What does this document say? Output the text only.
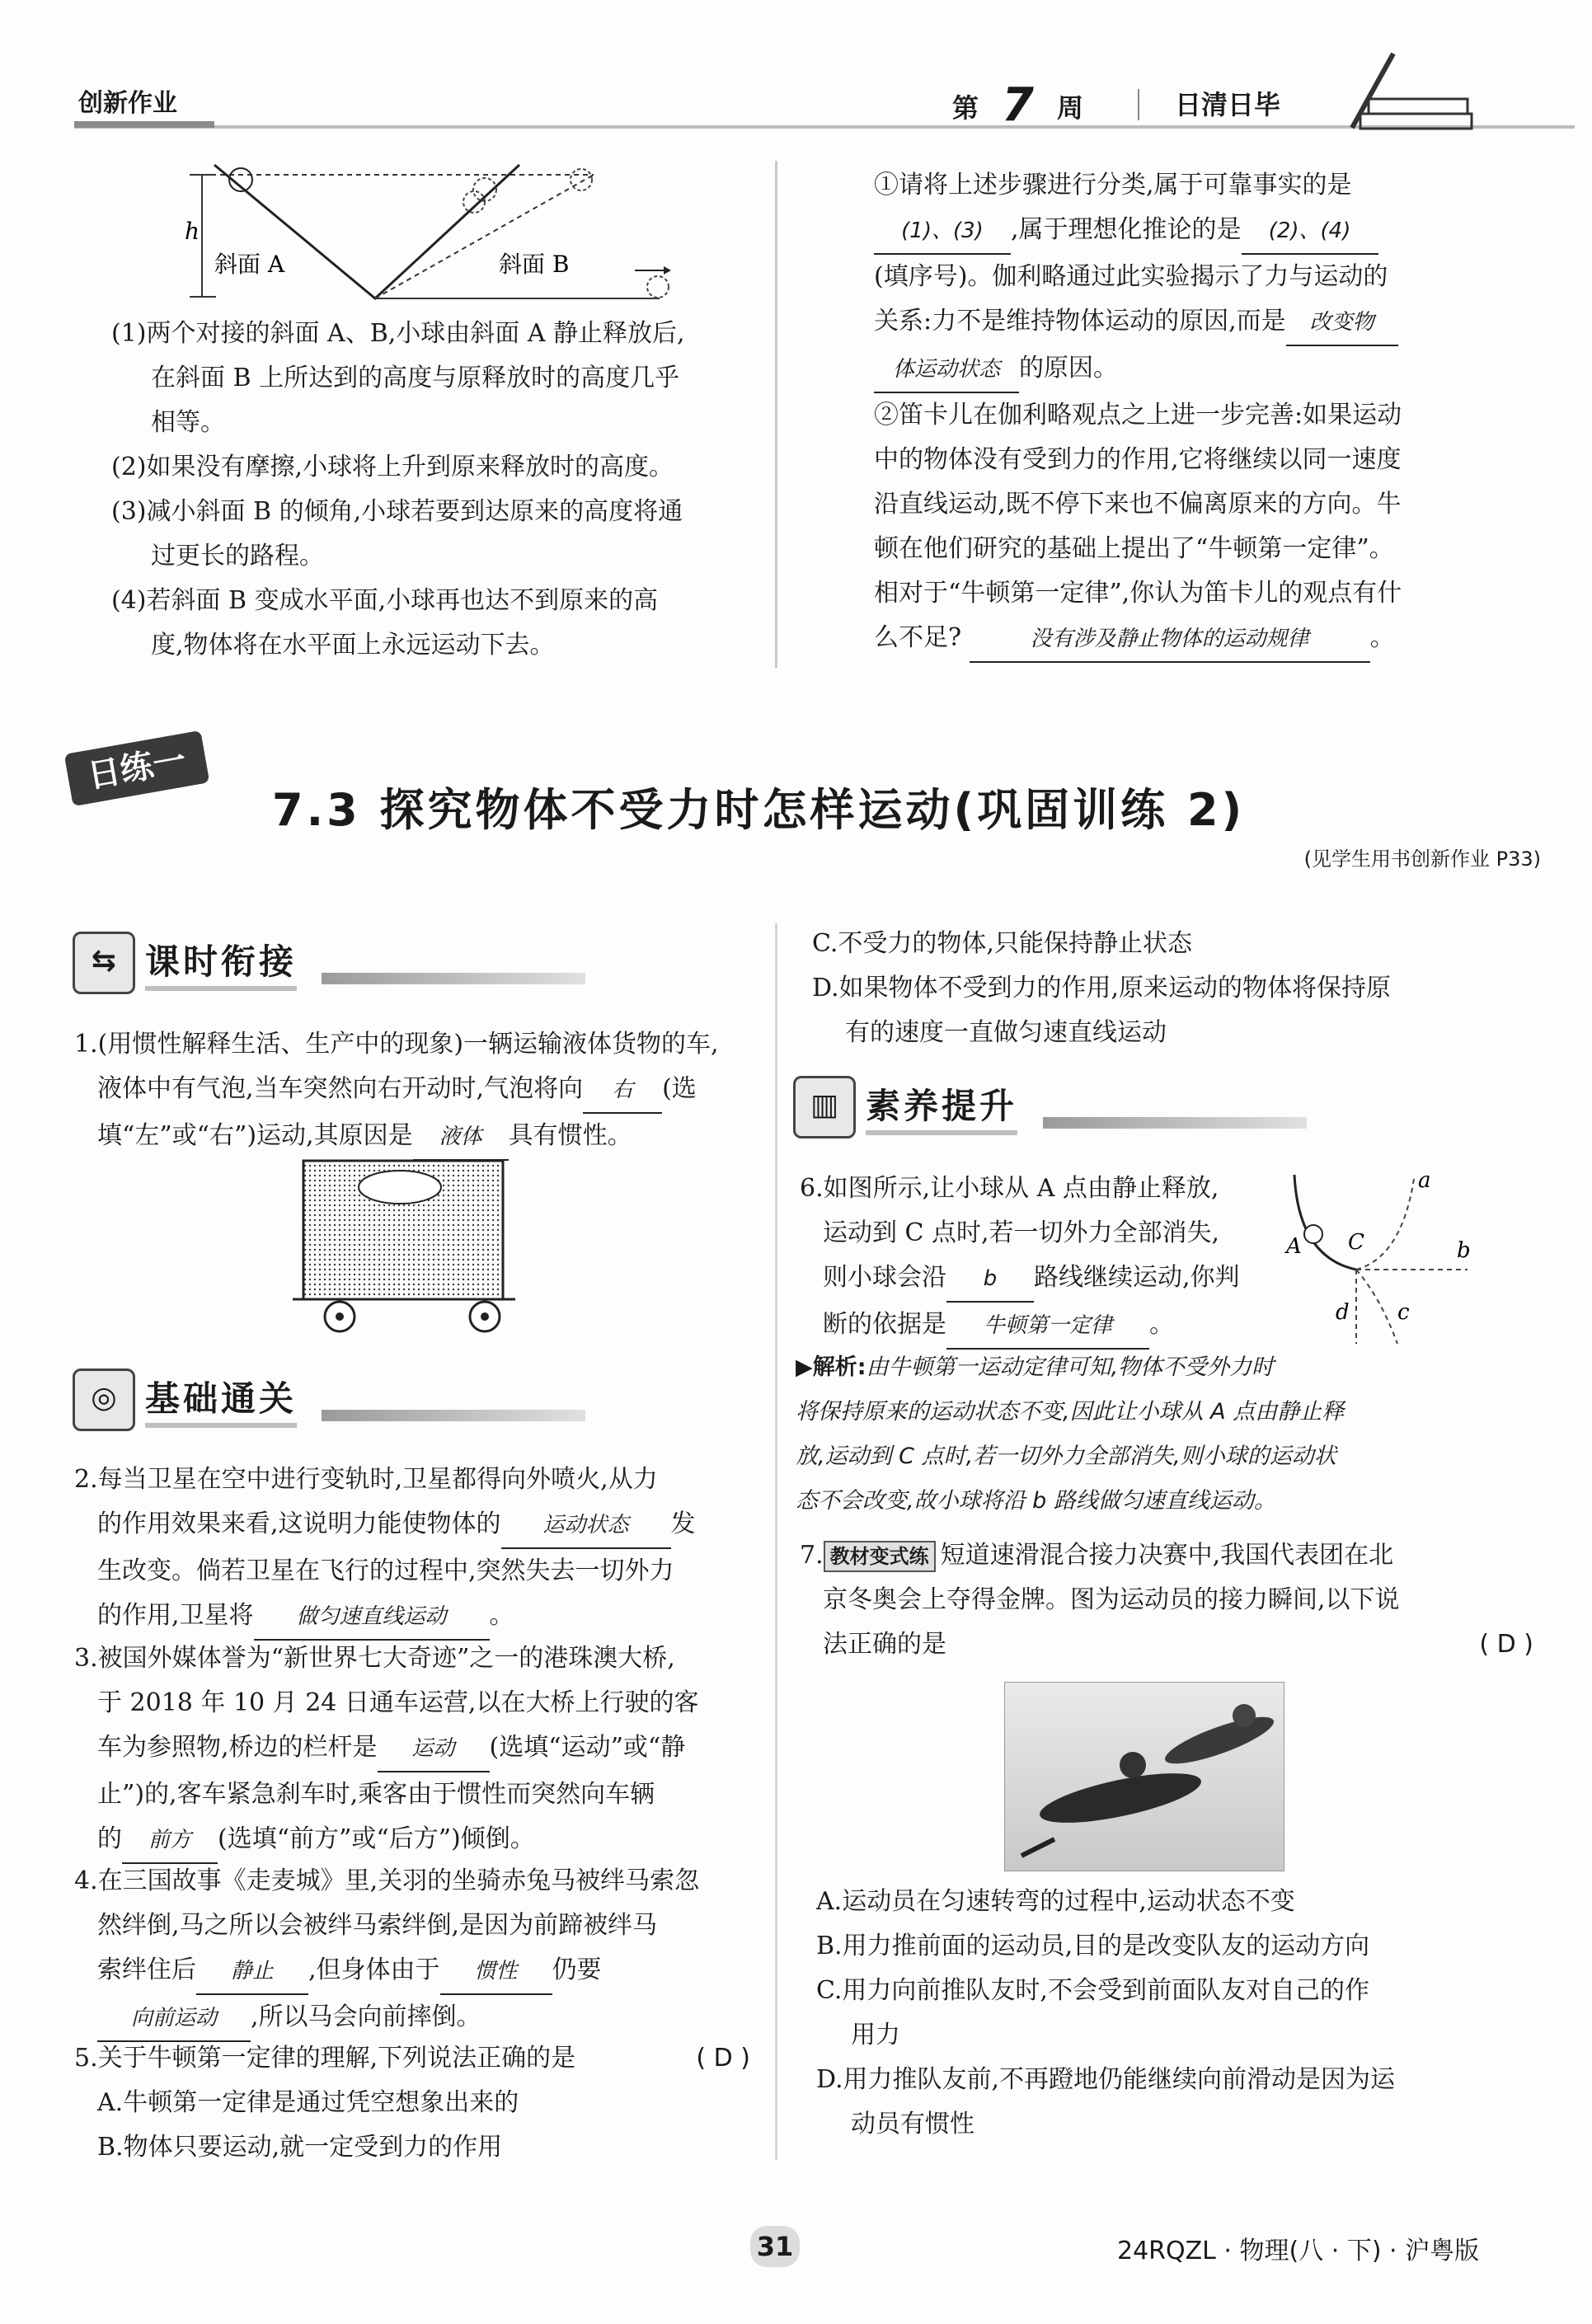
创新作业	第 7 周	日清日毕
h
斜面 A	斜面 B
(1)两个对接的斜面 A、B,小球由斜面 A 静止释放后,
在斜面 B 上所达到的高度与原释放时的高度几乎
相等。
(2)如果没有摩擦,小球将上升到原来释放时的高度。
(3)减小斜面 B 的倾角,小球若要到达原来的高度将通
过更长的路程。
(4)若斜面 B 变成水平面,小球再也达不到原来的高
度,物体将在水平面上永远运动下去。
①请将上述步骤进行分类,属于可靠事实的是
(1)、(3) ,属于理想化推论的是 (2)、(4)
(填序号)。伽利略通过此实验揭示了力与运动的
关系:力不是维持物体运动的原因,而是 改变物
体运动状态 的原因。
②笛卡儿在伽利略观点之上进一步完善:如果运动
中的物体没有受到力的作用,它将继续以同一速度
沿直线运动,既不停下来也不偏离原来的方向。牛
顿在他们研究的基础上提出了“牛顿第一定律”。
相对于“牛顿第一定律”,你认为笛卡儿的观点有什
么不足?	没有涉及静止物体的运动规律 。
日练一
7.3 探究物体不受力时怎样运动(巩固训练 2)
(见学生用书创新作业 P33)
⇆ 课时衔接
1.(用惯性解释生活、生产中的现象)一辆运输液体货物的车,
液体中有气泡,当车突然向右开动时,气泡将向 右 (选
填“左”或“右”)运动,其原因是 液体 具有惯性。
◎ 基础通关
2.每当卫星在空中进行变轨时,卫星都得向外喷火,从力
的作用效果来看,这说明力能使物体的 运动状态 发
生改变。倘若卫星在飞行的过程中,突然失去一切外力
的作用,卫星将 做匀速直线运动 。
3.被国外媒体誉为“新世界七大奇迹”之一的港珠澳大桥,
于 2018 年 10 月 24 日通车运营,以在大桥上行驶的客
车为参照物,桥边的栏杆是 运动 (选填“运动”或“静
止”)的,客车紧急刹车时,乘客由于惯性而突然向车辆
的 前方 (选填“前方”或“后方”)倾倒。
4.在三国故事《走麦城》里,关羽的坐骑赤兔马被绊马索忽
然绊倒,马之所以会被绊马索绊倒,是因为前蹄被绊马
索绊住后 静止 ,但身体由于 惯性 仍要
向前运动 ,所以马会向前摔倒。
5.关于牛顿第一定律的理解,下列说法正确的是	( D )
A.牛顿第一定律是通过凭空想象出来的
B.物体只要运动,就一定受到力的作用
C.不受力的物体,只能保持静止状态
D.如果物体不受到力的作用,原来运动的物体将保持原
有的速度一直做匀速直线运动
▥ 素养提升
6.如图所示,让小球从 A 点由静止释放,
运动到 C 点时,若一切外力全部消失,
则小球会沿 b 路线继续运动,你判
断的依据是 牛顿第一定律 。
a
b
c
d
A C
▶解析:由牛顿第一运动定律可知,物体不受外力时
将保持原来的运动状态不变,因此让小球从 A 点由静止释
放,运动到 C 点时,若一切外力全部消失,则小球的运动状
态不会改变,故小球将沿 b 路线做匀速直线运动。
7. 教材变式练 短道速滑混合接力决赛中,我国代表团在北
京冬奥会上夺得金牌。图为运动员的接力瞬间,以下说
法正确的是	( D )
A.运动员在匀速转弯的过程中,运动状态不变
B.用力推前面的运动员,目的是改变队友的运动方向
C.用力向前推队友时,不会受到前面队友对自己的作
用力
D.用力推队友前,不再蹬地仍能继续向前滑动是因为运
动员有惯性
31	24RQZL · 物理(八 · 下) · 沪粤版
